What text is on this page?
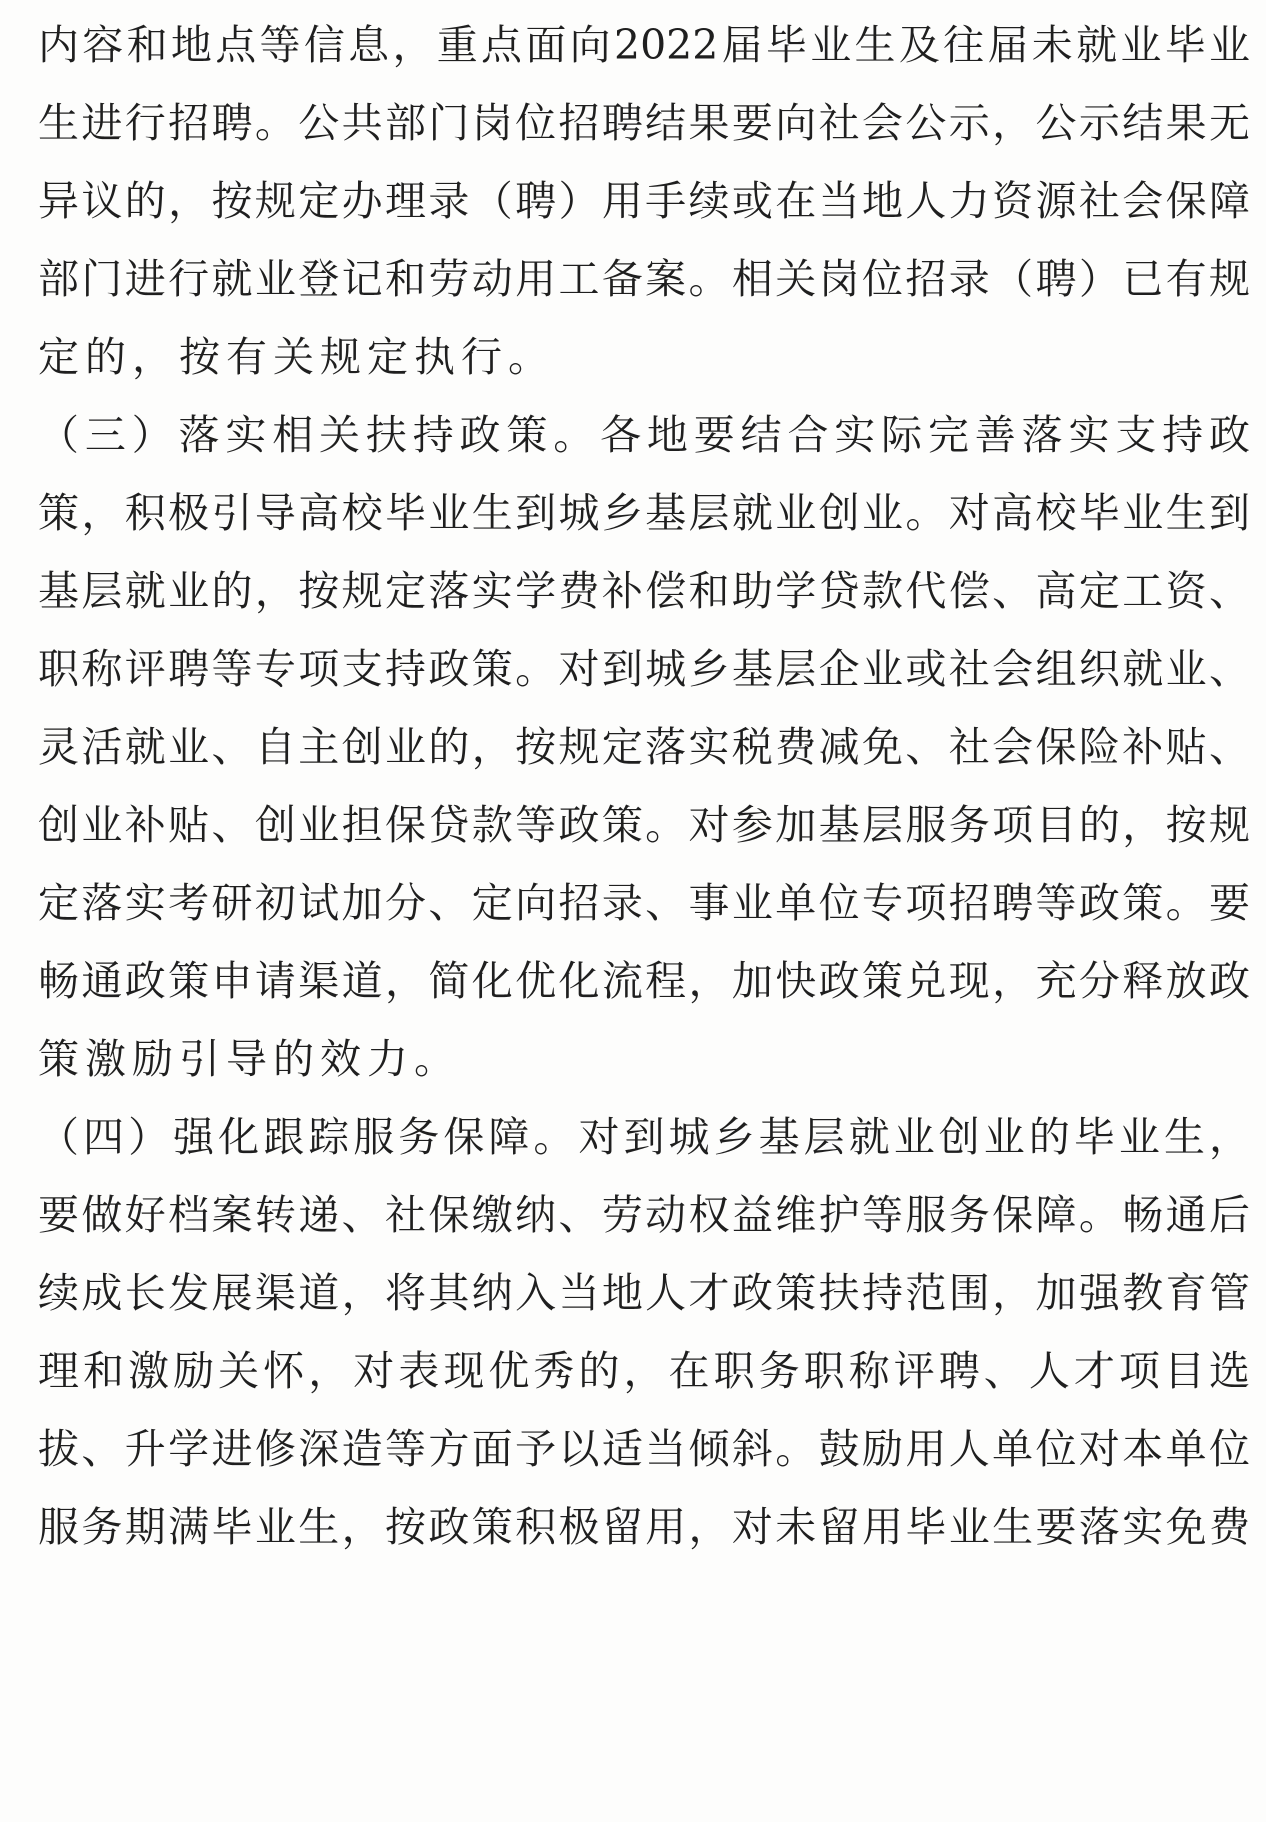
内容和地点等信息，重点面向2022届毕业生及往届未就业毕业
生进行招聘。公共部门岗位招聘结果要向社会公示，公示结果无
异议的，按规定办理录（聘）用手续或在当地人力资源社会保障
部门进行就业登记和劳动用工备案。相关岗位招录（聘）已有规
定的，按有关规定执行。
（三）落实相关扶持政策。各地要结合实际完善落实支持政
策，积极引导高校毕业生到城乡基层就业创业。对高校毕业生到
基层就业的，按规定落实学费补偿和助学贷款代偿、高定工资、
职称评聘等专项支持政策。对到城乡基层企业或社会组织就业、
灵活就业、自主创业的，按规定落实税费减免、社会保险补贴、
创业补贴、创业担保贷款等政策。对参加基层服务项目的，按规
定落实考研初试加分、定向招录、事业单位专项招聘等政策。要
畅通政策申请渠道，简化优化流程，加快政策兑现，充分释放政
策激励引导的效力。
（四）强化跟踪服务保障。对到城乡基层就业创业的毕业生，
要做好档案转递、社保缴纳、劳动权益维护等服务保障。畅通后
续成长发展渠道，将其纳入当地人才政策扶持范围，加强教育管
理和激励关怀，对表现优秀的，在职务职称评聘、人才项目选
拔、升学进修深造等方面予以适当倾斜。鼓励用人单位对本单位
服务期满毕业生，按政策积极留用，对未留用毕业生要落实免费
